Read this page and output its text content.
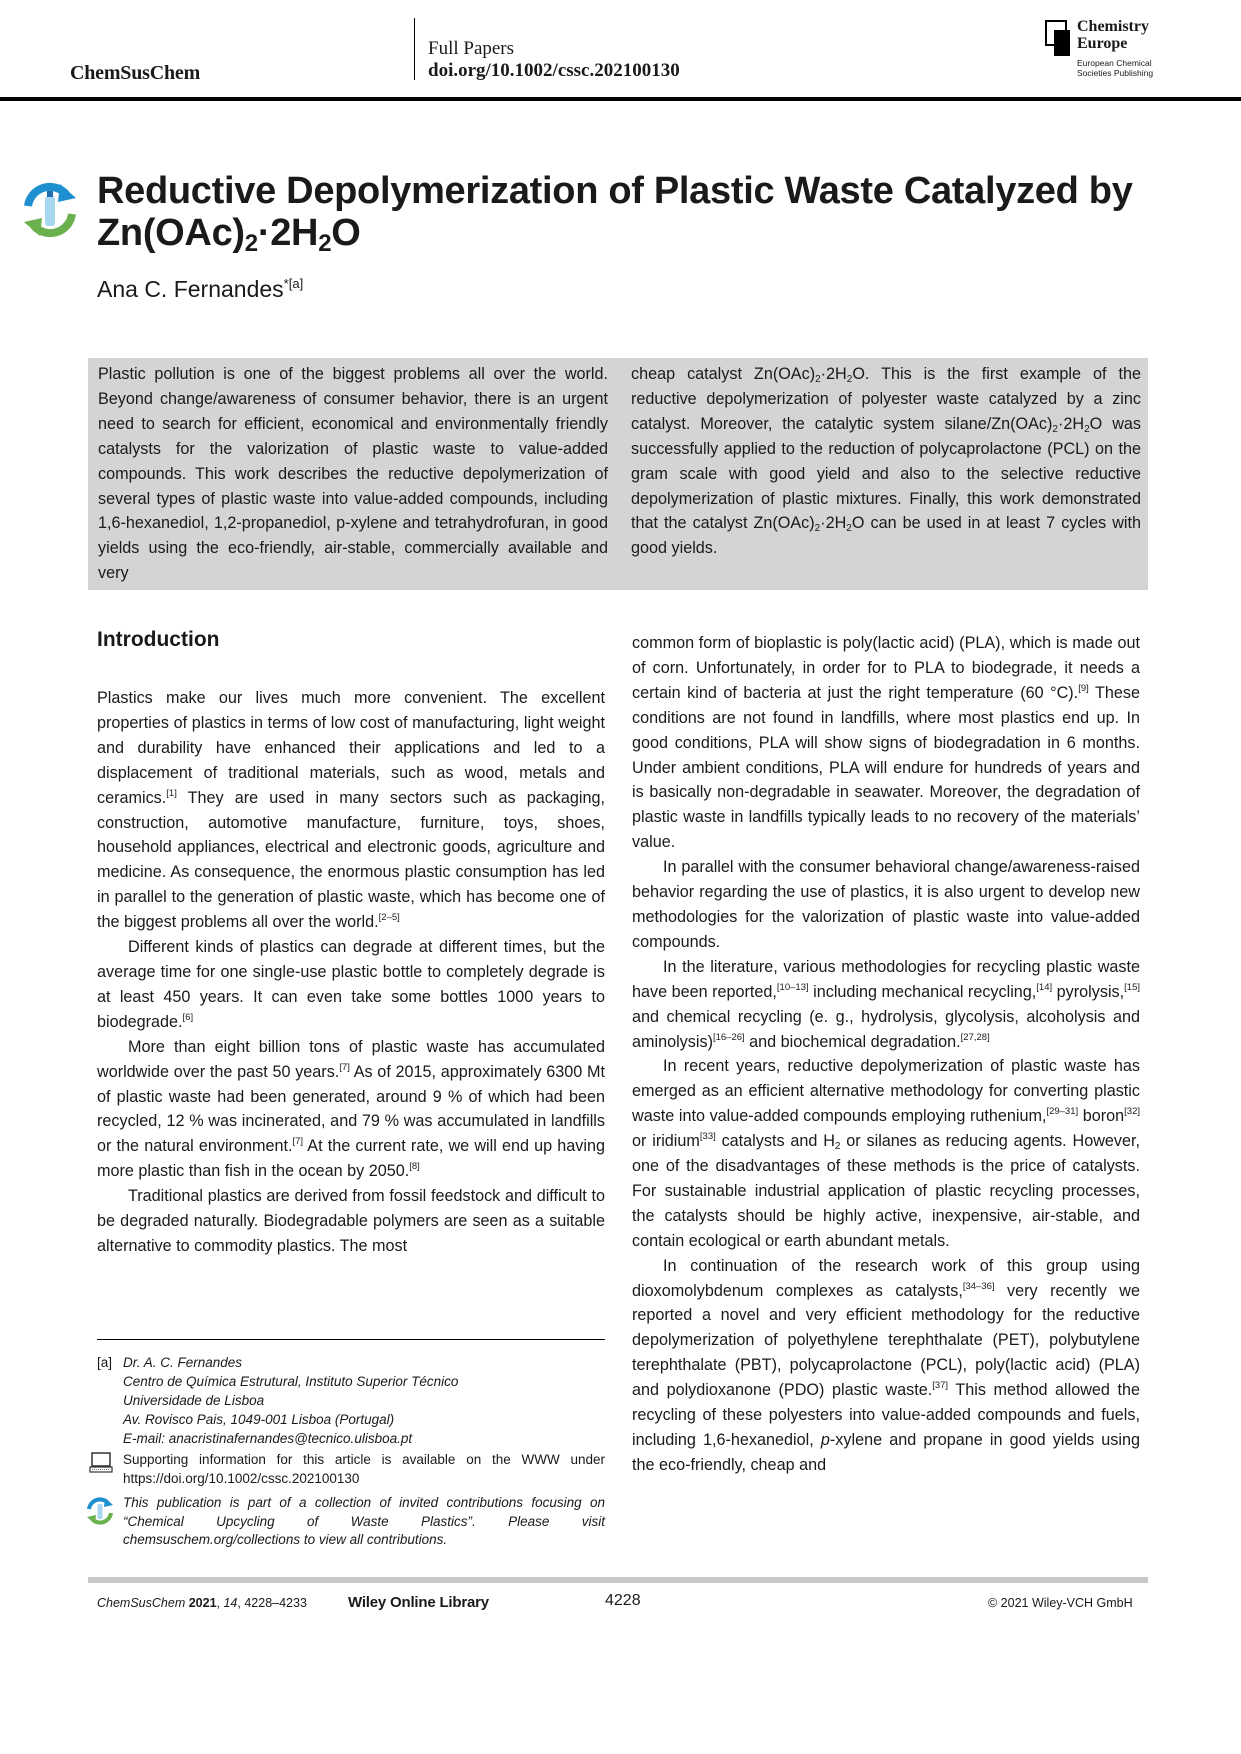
ChemSusChem
Full Papers
doi.org/10.1002/cssc.202100130
Chemistry
Europe
European Chemical
Societies Publishing
Reductive Depolymerization of Plastic Waste Catalyzed by
$Zn(OAc)_2\cdot 2H_2O$
Ana C. Fernandes$^{*[a]}$

Plastic pollution is one of the biggest problems all over the world. Beyond change/awareness of consumer behavior, there is an urgent need to search for efficient, economical and environmentally friendly catalysts for the valorization of plastic waste to value-added compounds. This work describes the reductive depolymerization of several types of plastic waste into value-added compounds, including 1,6-hexanediol, 1,2-propanediol, p-xylene and tetrahydrofuran, in good yields using the eco-friendly, air-stable, commercially available and very

cheap catalyst $Zn(OAc)_2\cdot 2H_2O$. This is the first example of the reductive depolymerization of polyester waste catalyzed by a zinc catalyst. Moreover, the catalytic system silane/$Zn(OAc)_2\cdot 2H_2O$ was successfully applied to the reduction of polycaprolactone (PCL) on the gram scale with good yield and also to the selective reductive depolymerization of plastic mixtures. Finally, this work demonstrated that the catalyst $Zn(OAc)_2\cdot 2H_2O$ can be used in at least 7 cycles with good yields.

Introduction

Plastics make our lives much more convenient. The excellent properties of plastics in terms of low cost of manufacturing, light weight and durability have enhanced their applications and led to a displacement of traditional materials, such as wood, metals and ceramics.[1] They are used in many sectors such as packaging, construction, automotive manufacture, furniture, toys, shoes, household appliances, electrical and electronic goods, agriculture and medicine. As consequence, the enormous plastic consumption has led in parallel to the generation of plastic waste, which has become one of the biggest problems all over the world.[2–5]

Different kinds of plastics can degrade at different times, but the average time for one single-use plastic bottle to completely degrade is at least 450 years. It can even take some bottles 1000 years to biodegrade.[6]

More than eight billion tons of plastic waste has accumulated worldwide over the past 50 years.[7] As of 2015, approximately 6300 Mt of plastic waste had been generated, around 9 % of which had been recycled, 12 % was incinerated, and 79 % was accumulated in landfills or the natural environment.[7] At the current rate, we will end up having more plastic than fish in the ocean by 2050.[8]

Traditional plastics are derived from fossil feedstock and difficult to be degraded naturally. Biodegradable polymers are seen as a suitable alternative to commodity plastics. The most

common form of bioplastic is poly(lactic acid) (PLA), which is made out of corn. Unfortunately, in order for to PLA to biodegrade, it needs a certain kind of bacteria at just the right temperature (60 °C).[9] These conditions are not found in landfills, where most plastics end up. In good conditions, PLA will show signs of biodegradation in 6 months. Under ambient conditions, PLA will endure for hundreds of years and is basically non-degradable in seawater. Moreover, the degradation of plastic waste in landfills typically leads to no recovery of the materials’ value.

In parallel with the consumer behavioral change/awareness-raised behavior regarding the use of plastics, it is also urgent to develop new methodologies for the valorization of plastic waste into value-added compounds.

In the literature, various methodologies for recycling plastic waste have been reported,[10–13] including mechanical recycling,[14] pyrolysis,[15] and chemical recycling (e. g., hydrolysis, glycolysis, alcoholysis and aminolysis)[16–26] and biochemical degradation.[27,28]

In recent years, reductive depolymerization of plastic waste has emerged as an efficient alternative methodology for converting plastic waste into value-added compounds employing ruthenium,[29–31] boron[32] or iridium[33] catalysts and $H_2$ or silanes as reducing agents. However, one of the disadvantages of these methods is the price of catalysts. For sustainable industrial application of plastic recycling processes, the catalysts should be highly active, inexpensive, air-stable, and contain ecological or earth abundant metals.

In continuation of the research work of this group using dioxomolybdenum complexes as catalysts,[34–36] very recently we reported a novel and very efficient methodology for the reductive depolymerization of polyethylene terephthalate (PET), polybutylene terephthalate (PBT), polycaprolactone (PCL), poly(lactic acid) (PLA) and polydioxanone (PDO) plastic waste.[37] This method allowed the recycling of these polyesters into value-added compounds and fuels, including 1,6-hexanediol, p-xylene and propane in good yields using the eco-friendly, cheap and

[a] Dr. A. C. Fernandes
Centro de Química Estrutural, Instituto Superior Técnico
Universidade de Lisboa
Av. Rovisco Pais, 1049-001 Lisboa (Portugal)
E-mail: anacristinafernandes@tecnico.ulisboa.pt
Supporting information for this article is available on the WWW under https://doi.org/10.1002/cssc.202100130
This publication is part of a collection of invited contributions focusing on “Chemical Upcycling of Waste Plastics”. Please visit chemsuschem.org/collections to view all contributions.
ChemSusChem 2021, 14, 4228–4233	Wiley Online Library	4228	© 2021 Wiley-VCH GmbH
